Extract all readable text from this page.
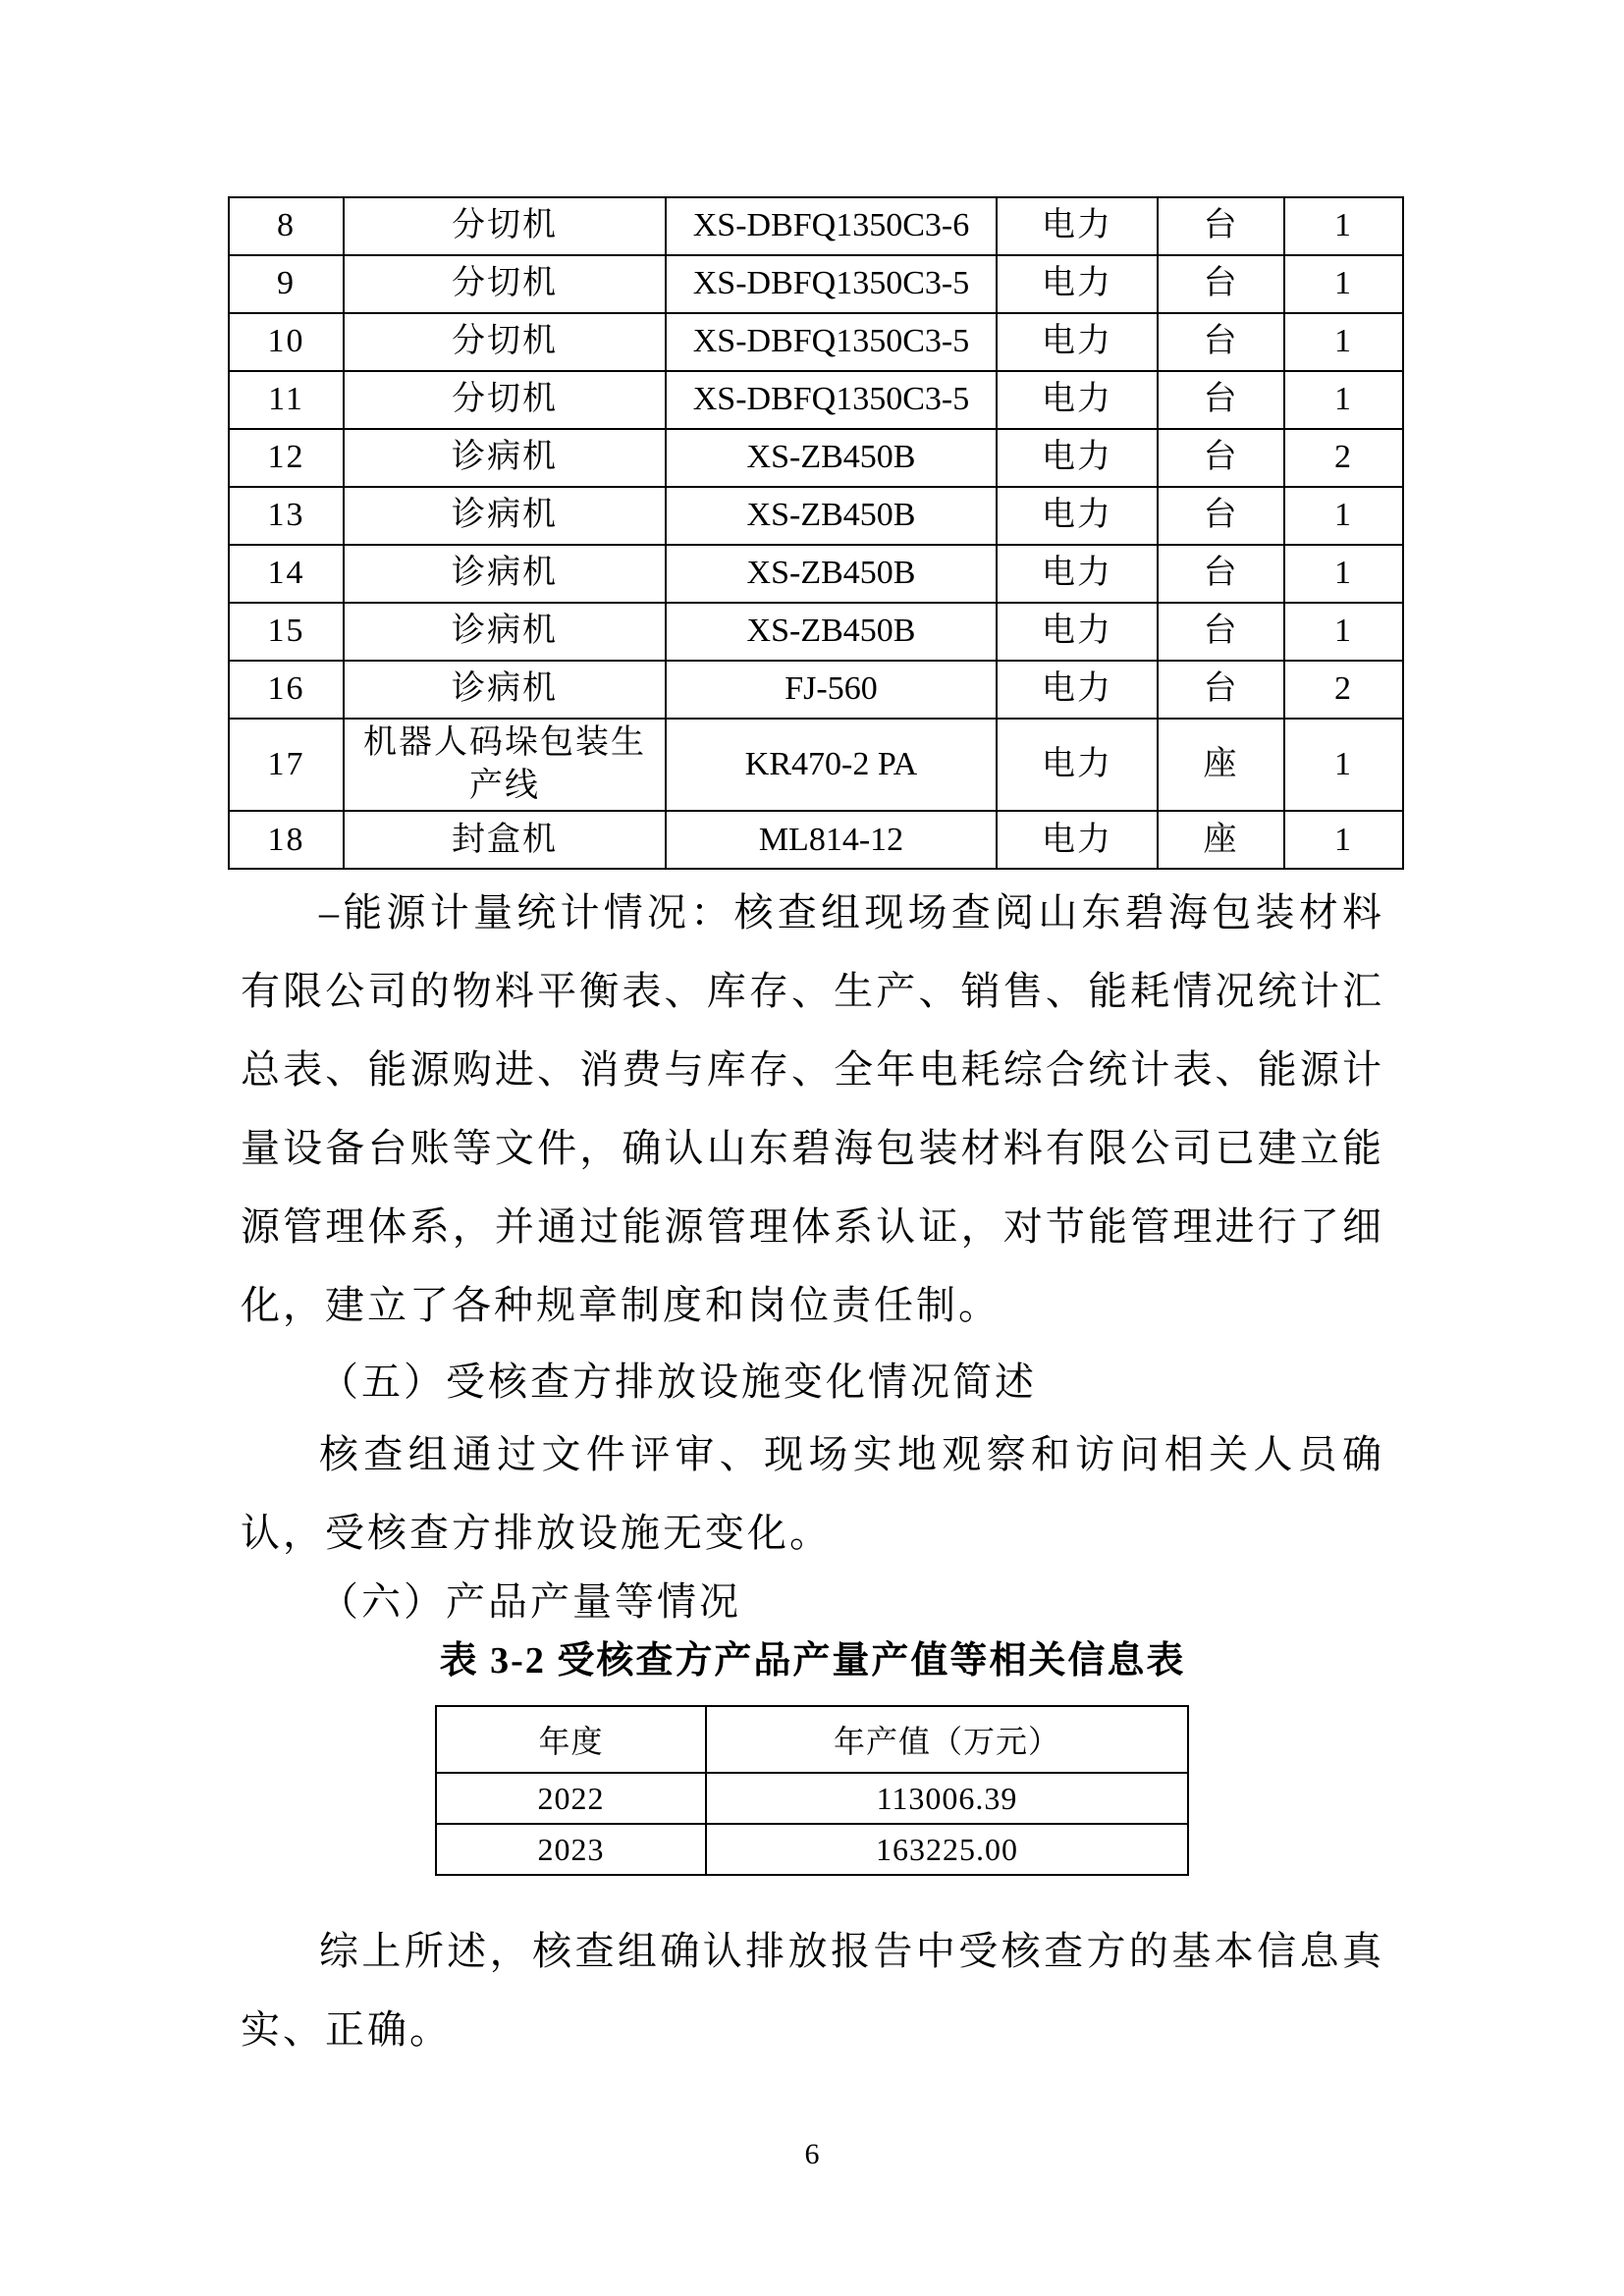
8	分切机	XS-DBFQ1350C3-6	电力	台	1
9	分切机	XS-DBFQ1350C3-5	电力	台	1
10	分切机	XS-DBFQ1350C3-5	电力	台	1
11	分切机	XS-DBFQ1350C3-5	电力	台	1
12	诊病机	XS-ZB450B	电力	台	2
13	诊病机	XS-ZB450B	电力	台	1
14	诊病机	XS-ZB450B	电力	台	1
15	诊病机	XS-ZB450B	电力	台	1
16	诊病机	FJ-560	电力	台	2
17	机器人码垛包装生产线	KR470-2 PA	电力	座	1
18	封盒机	ML814-12	电力	座	1
–能源计量统计情况：核查组现场查阅山东碧海包装材料有限公司的物料平衡表、库存、生产、销售、能耗情况统计汇总表、能源购进、消费与库存、全年电耗综合统计表、能源计量设备台账等文件，确认山东碧海包装材料有限公司已建立能源管理体系，并通过能源管理体系认证，对节能管理进行了细化，建立了各种规章制度和岗位责任制。
（五）受核查方排放设施变化情况简述
核查组通过文件评审、现场实地观察和访问相关人员确认，受核查方排放设施无变化。
（六）产品产量等情况
表 3-2 受核查方产品产量产值等相关信息表
年度	年产值（万元）
2022	113006.39
2023	163225.00
综上所述，核查组确认排放报告中受核查方的基本信息真实、正确。
6
